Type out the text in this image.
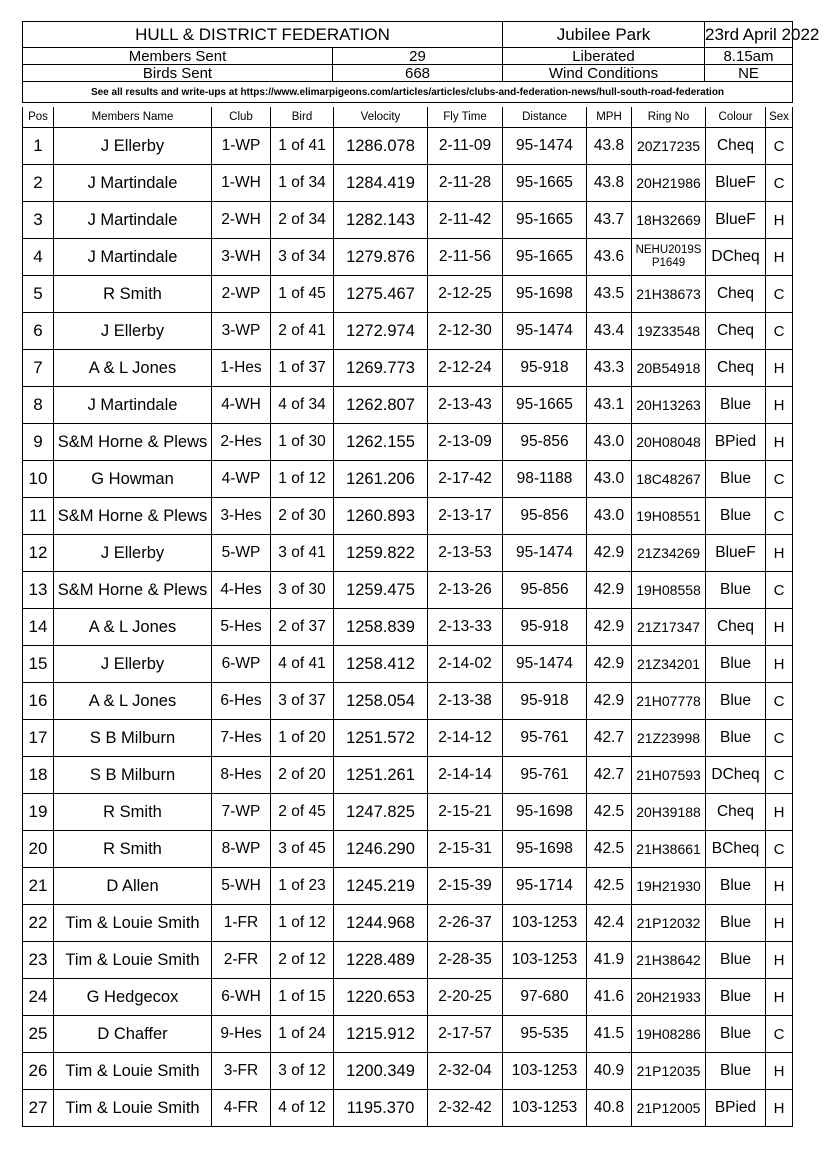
HULL & DISTRICT FEDERATION		Jubilee Park	23rd April 2022
Members Sent	29	Liberated	8.15am
Birds Sent	668	Wind Conditions	NE
See all results and write-ups at https://www.elimarpigeons.com/articles/articles/clubs-and-federation-news/hull-south-road-federation			
Pos	Members Name	Club	Bird	Velocity	Fly Time	Distance	MPH	Ring No	Colour	Sex
1	J Ellerby	1-WP	1 of 41	1286.078	2-11-09	95-1474	43.8	20Z17235	Cheq	C
2	J Martindale	1-WH	1 of 34	1284.419	2-11-28	95-1665	43.8	20H21986	BlueF	C
3	J Martindale	2-WH	2 of 34	1282.143	2-11-42	95-1665	43.7	18H32669	BlueF	H
4	J Martindale	3-WH	3 of 34	1279.876	2-11-56	95-1665	43.6	NEHU2019S P1649	DCheq	H
5	R Smith	2-WP	1 of 45	1275.467	2-12-25	95-1698	43.5	21H38673	Cheq	C
6	J Ellerby	3-WP	2 of 41	1272.974	2-12-30	95-1474	43.4	19Z33548	Cheq	C
7	A & L Jones	1-Hes	1 of 37	1269.773	2-12-24	95-918	43.3	20B54918	Cheq	H
8	J Martindale	4-WH	4 of 34	1262.807	2-13-43	95-1665	43.1	20H13263	Blue	H
9	S&M Horne & Plews	2-Hes	1 of 30	1262.155	2-13-09	95-856	43.0	20H08048	BPied	H
10	G Howman	4-WP	1 of 12	1261.206	2-17-42	98-1188	43.0	18C48267	Blue	C
11	S&M Horne & Plews	3-Hes	2 of 30	1260.893	2-13-17	95-856	43.0	19H08551	Blue	C
12	J Ellerby	5-WP	3 of 41	1259.822	2-13-53	95-1474	42.9	21Z34269	BlueF	H
13	S&M Horne & Plews	4-Hes	3 of 30	1259.475	2-13-26	95-856	42.9	19H08558	Blue	C
14	A & L Jones	5-Hes	2 of 37	1258.839	2-13-33	95-918	42.9	21Z17347	Cheq	H
15	J Ellerby	6-WP	4 of 41	1258.412	2-14-02	95-1474	42.9	21Z34201	Blue	H
16	A & L Jones	6-Hes	3 of 37	1258.054	2-13-38	95-918	42.9	21H07778	Blue	C
17	S B Milburn	7-Hes	1 of 20	1251.572	2-14-12	95-761	42.7	21Z23998	Blue	C
18	S B Milburn	8-Hes	2 of 20	1251.261	2-14-14	95-761	42.7	21H07593	DCheq	C
19	R Smith	7-WP	2 of 45	1247.825	2-15-21	95-1698	42.5	20H39188	Cheq	H
20	R Smith	8-WP	3 of 45	1246.290	2-15-31	95-1698	42.5	21H38661	BCheq	C
21	D Allen	5-WH	1 of 23	1245.219	2-15-39	95-1714	42.5	19H21930	Blue	H
22	Tim & Louie Smith	1-FR	1 of 12	1244.968	2-26-37	103-1253	42.4	21P12032	Blue	H
23	Tim & Louie Smith	2-FR	2 of 12	1228.489	2-28-35	103-1253	41.9	21H38642	Blue	H
24	G Hedgecox	6-WH	1 of 15	1220.653	2-20-25	97-680	41.6	20H21933	Blue	H
25	D Chaffer	9-Hes	1 of 24	1215.912	2-17-57	95-535	41.5	19H08286	Blue	C
26	Tim & Louie Smith	3-FR	3 of 12	1200.349	2-32-04	103-1253	40.9	21P12035	Blue	H
27	Tim & Louie Smith	4-FR	4 of 12	1195.370	2-32-42	103-1253	40.8	21P12005	BPied	H
